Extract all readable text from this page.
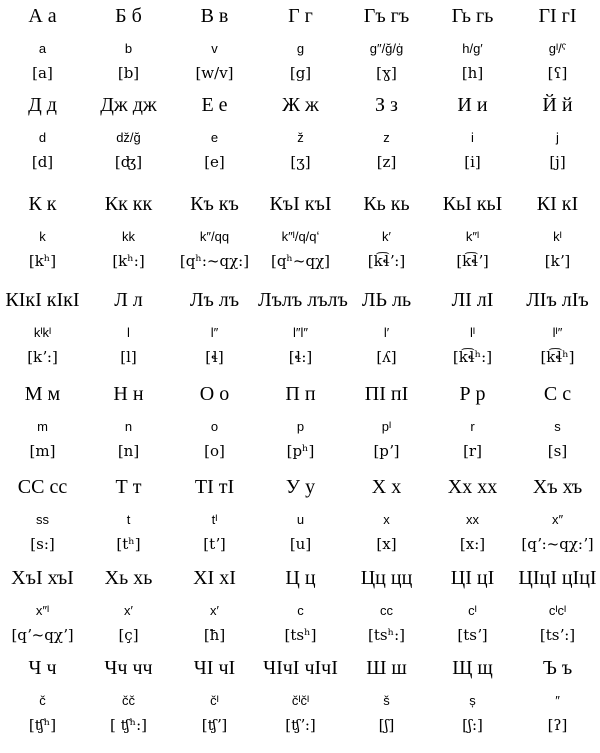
А а
a
[a]
Б б
b
[b]
В в
v
[w/v]
Г г
g
[g]
Гъ гъ
g″/ğ/ġ
[ɣ]
Гь гь
h/g′
[h]
ГӀ гӀ
gᴵ/ˤ
[ʕ]
Д д
d
[d]
Дж дж
dž/ğ
[ʤ]
Е е
e
[e]
Ж ж
ž
[ʒ]
З з
z
[z]
И и
i
[i]
Й й
j
[j]
К к
k
[kʰ]
Кк кк
kk
[kʰ:]
Къ къ
k″/qq
[qʰ:~qχ:]
КъӀ къӀ
k″ᴵ/q/qʻ
[qʰ~qχ]
Кь кь
k′
[k͡ɬʼ:]
КьӀ кьӀ
k″ᴵ
[k͡ɬʼ]
КӀ кӀ
kᴵ
[kʼ]
КӀкӀ кӀкӀ
kᴵkᴵ
[kʼ:]
Л л
l
[l]
Лъ лъ
l″
[ɬ]
Лълъ лълъ
l″l″
[ɬ:]
ЛЬ ль
l′
[ʎ]
ЛӀ лӀ
lᴵ
[k͡ɬʰ:]
ЛӀъ лӀъ
lᴵ″
[k͡ɬʰ]
М м
m
[m]
Н н
n
[n]
О о
o
[o]
П п
p
[pʰ]
ПӀ пӀ
pᴵ
[pʼ]
Р р
r
[r]
С с
s
[s]
СС сс
ss
[s:]
Т т
t
[tʰ]
ТӀ тӀ
tᴵ
[tʼ]
У у
u
[u]
Х х
x
[x]
Хх хх
xx
[x:]
Хъ хъ
x″
[qʼ:~qχ:ʼ]
ХъӀ хъӀ
x″ᴵ
[qʼ~qχʼ]
Хь хь
x′
[ç]
ХӀ хӀ
x′
[ħ]
Ц ц
c
[tsʰ]
Цц цц
cc
[tsʰ:]
ЦӀ цӀ
cᴵ
[tsʼ]
ЦӀцӀ цӀцӀ
cᴵcᴵ
[tsʼ:]
Ч ч
č
[ʧʰ]
Чч чч
čč
[ ʧʰ:]
ЧӀ чӀ
čᴵ
[ʧʼ]
ЧӀчӀ чӀчӀ
čᴵčᴵ
[ʧʼ:]
Ш ш
š
[ʃ]
Щ щ
ș
[ʃ:]
Ъ ъ
″
[ʔ]
